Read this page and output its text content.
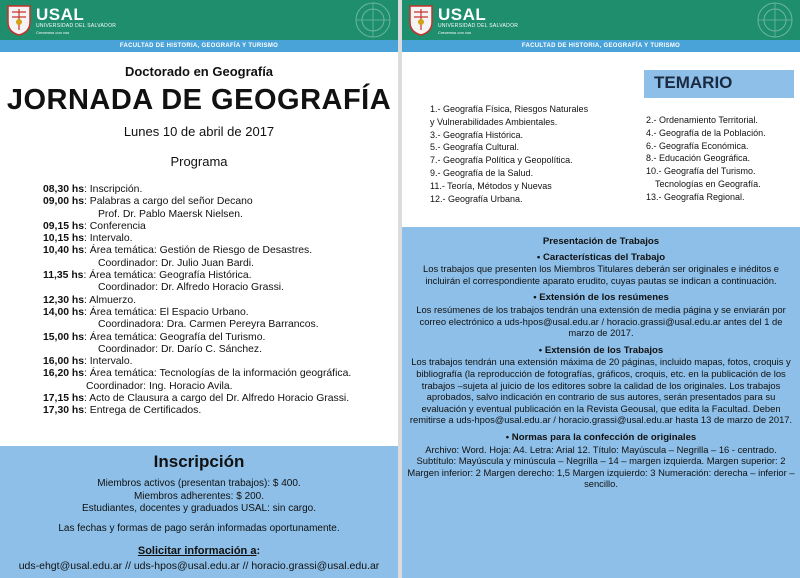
USAL
UNIVERSIDAD DEL SALVADOR
Crecemos con vos
FACULTAD DE HISTORIA, GEOGRAFÍA Y TURISMO
Doctorado en Geografía
JORNADA DE GEOGRAFÍA
Lunes 10 de abril de 2017
Programa
08,30 hs: Inscripción.
09,00 hs: Palabras a cargo del señor Decano
Prof. Dr. Pablo Maersk Nielsen.
09,15 hs: Conferencia
10,15 hs: Intervalo.
10,40 hs: Área temática: Gestión de Riesgo de Desastres.
Coordinador: Dr. Julio Juan Bardi.
11,35 hs: Área temática: Geografía Histórica.
Coordinador: Dr. Alfredo Horacio Grassi.
12,30 hs: Almuerzo.
14,00 hs: Área temática: El Espacio Urbano.
Coordinadora: Dra. Carmen Pereyra Barrancos.
15,00 hs: Área temática: Geografía del Turismo.
Coordinador: Dr. Darío C. Sánchez.
16,00 hs: Intervalo.
16,20 hs: Área temática: Tecnologías de la información geográfica.
Coordinador: Ing. Horacio Avila.
17,15 hs: Acto de Clausura a cargo del Dr. Alfredo Horacio Grassi.
17,30 hs: Entrega de Certificados.
Inscripción
Miembros activos (presentan trabajos): $ 400.
Miembros adherentes: $ 200.
Estudiantes, docentes y graduados USAL: sin cargo.
Las fechas y formas de pago serán informadas oportunamente.
Solicitar información a:
uds-ehgt@usal.edu.ar // uds-hpos@usal.edu.ar // horacio.grassi@usal.edu.ar
USAL
UNIVERSIDAD DEL SALVADOR
Crecemos con vos
FACULTAD DE HISTORIA, GEOGRAFÍA Y TURISMO
TEMARIO
1.- Geografía Física, Riesgos Naturales
y Vulnerabilidades Ambientales.
3.- Geografía Histórica.
5.- Geografía Cultural.
7.- Geografía Política y Geopolítica.
9.- Geografía de la Salud.
11.- Teoría, Métodos y Nuevas
12.- Geografía Urbana.
2.- Ordenamiento Territorial.
4.- Geografía de la Población.
6.- Geografía Económica.
8.- Educación Geográfica.
10.- Geografía del Turismo.
Tecnologías en Geografía.
13.- Geografía Regional.
Presentación de Trabajos
• Características del Trabajo
Los trabajos que presenten los Miembros Titulares deberán ser originales e inéditos e incluirán el correspondiente aparato erudito, cuyas pautas se indican a continuación.
• Extensión de los resúmenes
Los resúmenes de los trabajos tendrán una extensión de media página y se enviarán por correo electrónico a uds-hpos@usal.edu.ar / horacio.grassi@usal.edu.ar antes del 1 de marzo de 2017.
• Extensión de los Trabajos
Los trabajos tendrán una extensión máxima de 20 páginas, incluido mapas, fotos, croquis y bibliografía (la reproducción de fotografías, gráficos, croquis, etc. en la publicación de los trabajos –sujeta al juicio de los editores sobre la calidad de los originales. Los trabajos aprobados, salvo indicación en contrario de sus autores, serán presentados para su evaluación y eventual publicación en la Revista Geousal, que edita la Facultad. Deben remitirse a uds-hpos@usal.edu.ar / horacio.grassi@usal.edu.ar hasta 13 de marzo de 2017.
• Normas para la confección de originales
Archivo: Word. Hoja: A4. Letra: Arial 12. Título: Mayúscula – Negrilla – 16 - centrado. Subtítulo: Mayúscula y minúscula – Negrilla – 14 – margen izquierda. Margen superior: 2 Margen inferior: 2 Margen derecho: 1,5 Margen izquierdo: 3 Numeración: derecha – inferior – sencillo.
